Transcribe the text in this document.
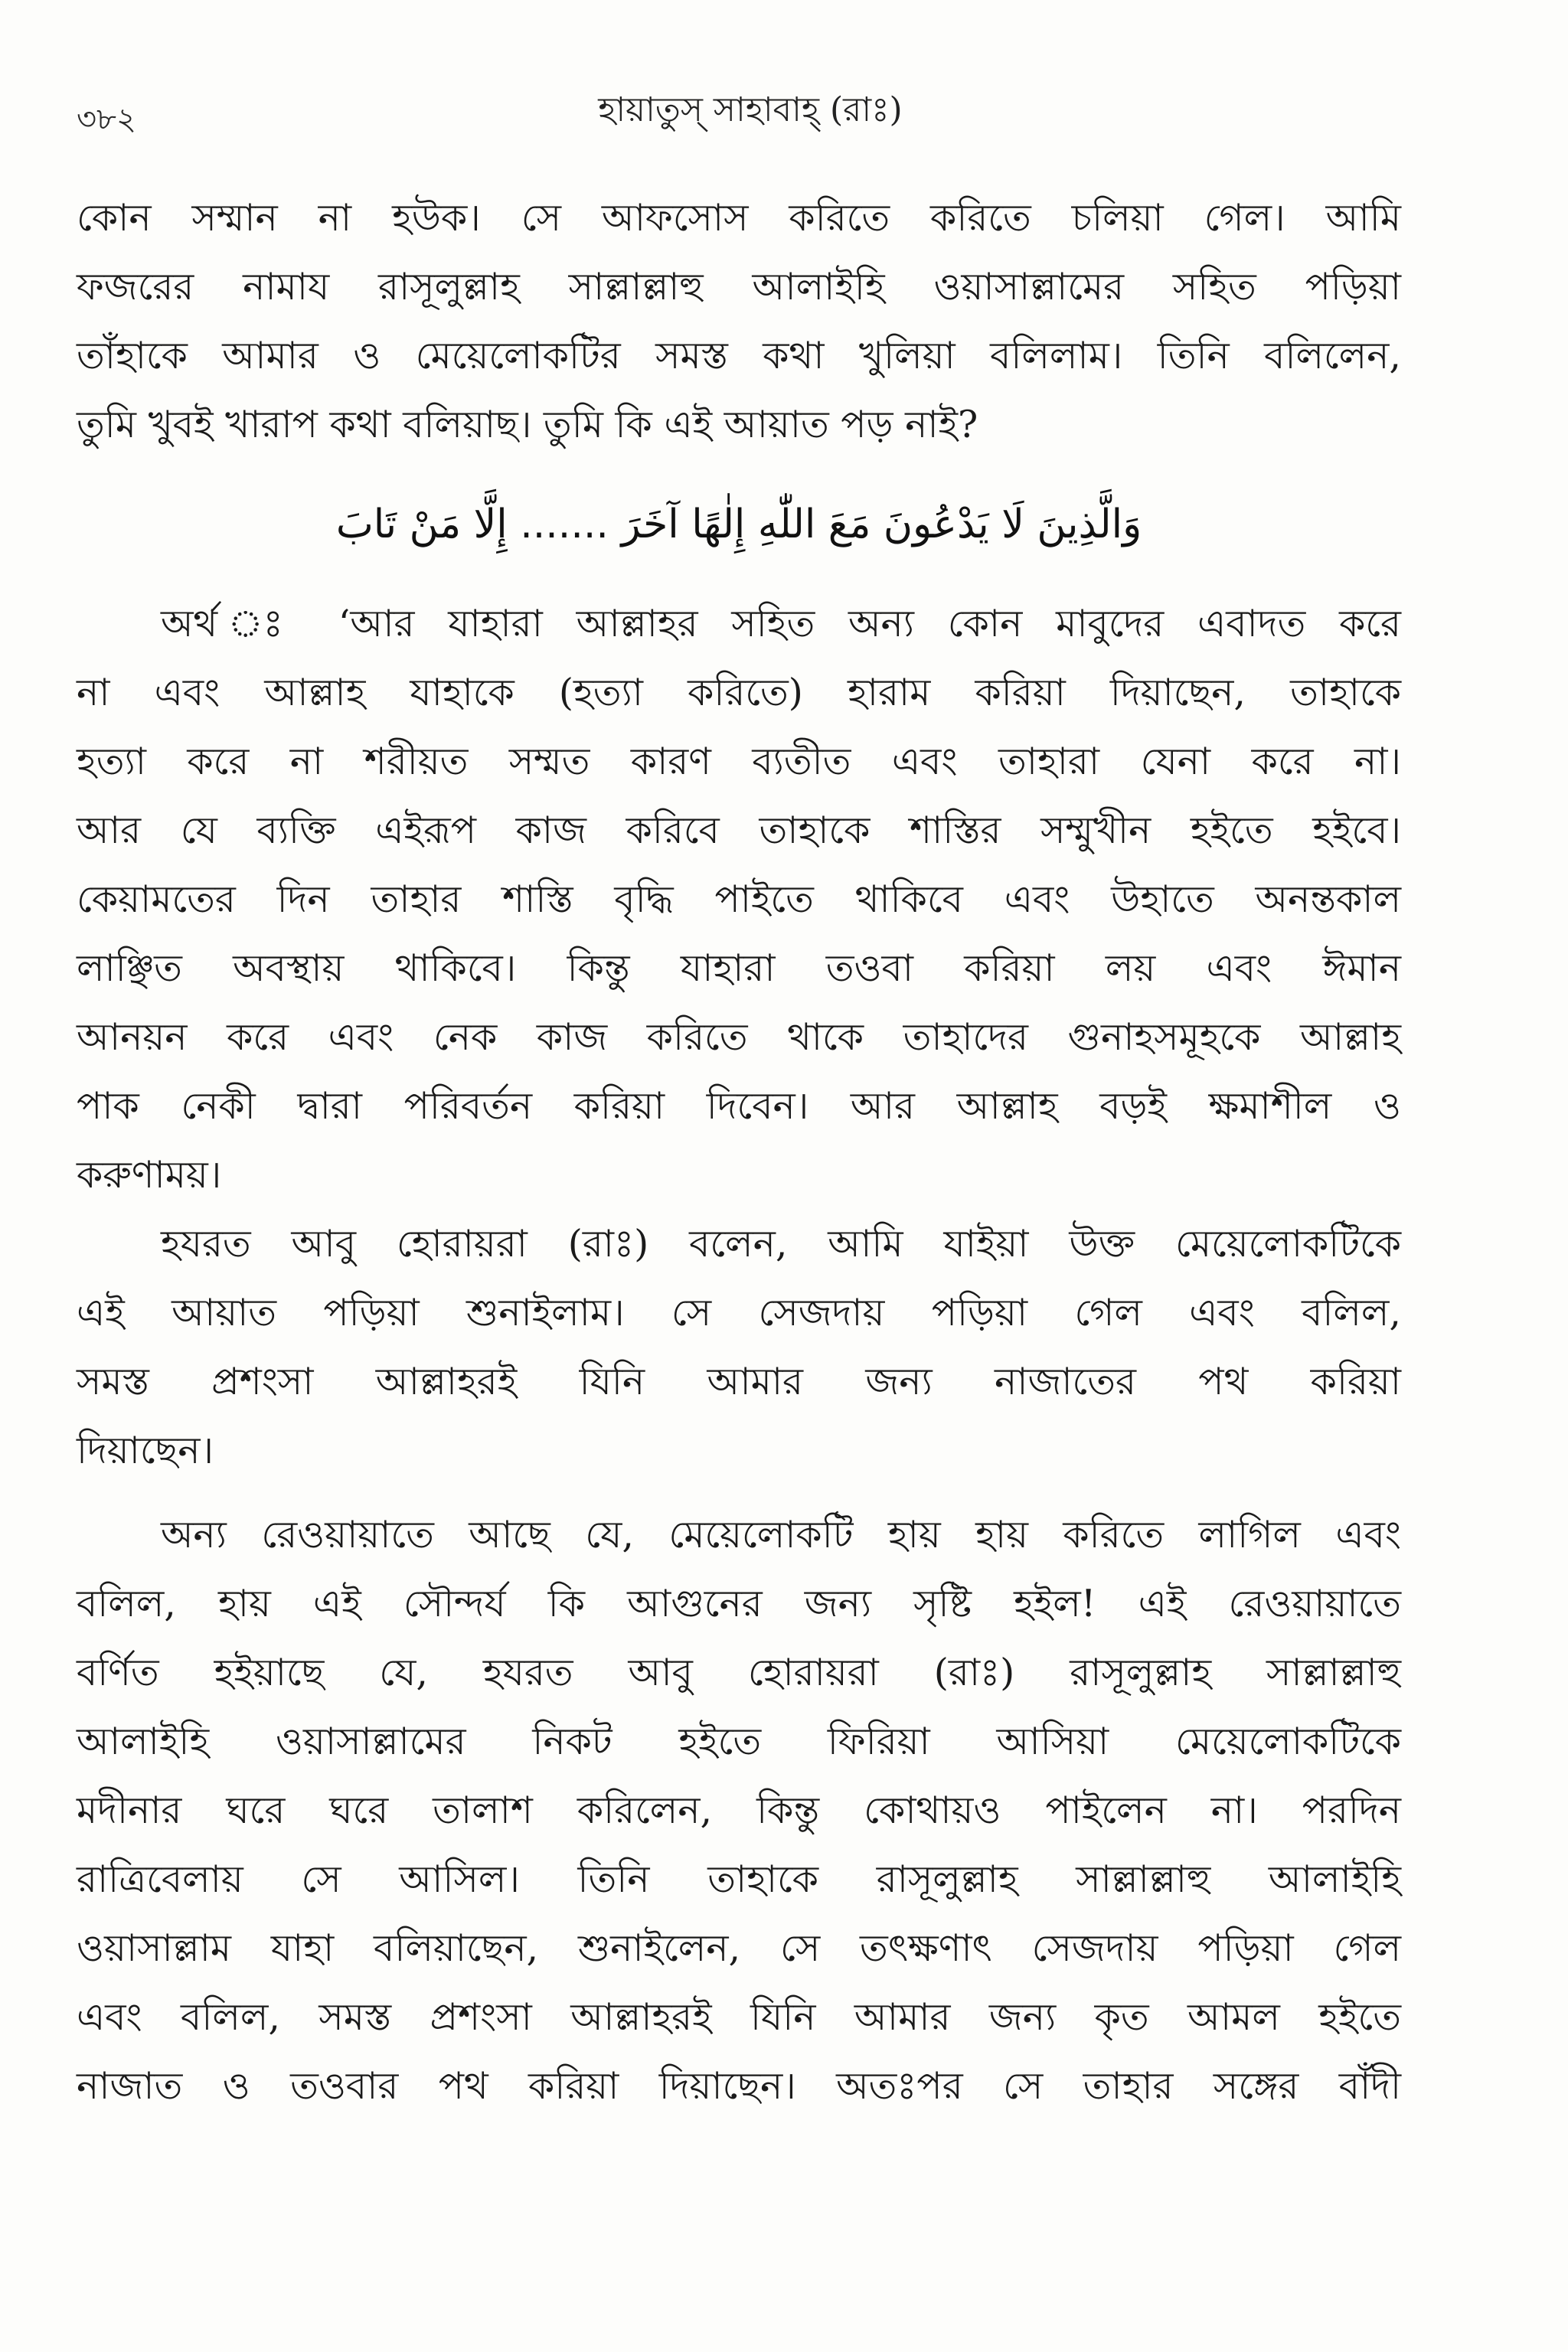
৩৮২	হায়াতুস্ সাহাবাহ্ (রাঃ)
কোন সম্মান না হউক। সে আফসোস করিতে করিতে চলিয়া গেল। আমি
ফজরের নামায রাসূলুল্লাহ সাল্লাল্লাহু আলাইহি ওয়াসাল্লামের সহিত পড়িয়া
তাঁহাকে আমার ও মেয়েলোকটির সমস্ত কথা খুলিয়া বলিলাম। তিনি বলিলেন,
তুমি খুবই খারাপ কথা বলিয়াছ। তুমি কি এই আয়াত পড় নাই?
وَالَّذِينَ لَا يَدْعُونَ مَعَ اللّٰهِ إِلٰهًا آخَرَ ....... إِلَّا مَنْ تَابَ
অর্থ ঃ ‘আর যাহারা আল্লাহর সহিত অন্য কোন মাবুদের এবাদত করে
না এবং আল্লাহ যাহাকে (হত্যা করিতে) হারাম করিয়া দিয়াছেন, তাহাকে
হত্যা করে না শরীয়ত সম্মত কারণ ব্যতীত এবং তাহারা যেনা করে না।
আর যে ব্যক্তি এইরূপ কাজ করিবে তাহাকে শাস্তির সম্মুখীন হইতে হইবে।
কেয়ামতের দিন তাহার শাস্তি বৃদ্ধি পাইতে থাকিবে এবং উহাতে অনন্তকাল
লাঞ্ছিত অবস্থায় থাকিবে। কিন্তু যাহারা তওবা করিয়া লয় এবং ঈমান
আনয়ন করে এবং নেক কাজ করিতে থাকে তাহাদের গুনাহসমূহকে আল্লাহ
পাক নেকী দ্বারা পরিবর্তন করিয়া দিবেন। আর আল্লাহ বড়ই ক্ষমাশীল ও
করুণাময়।
হযরত আবু হোরায়রা (রাঃ) বলেন, আমি যাইয়া উক্ত মেয়েলোকটিকে
এই আয়াত পড়িয়া শুনাইলাম। সে সেজদায় পড়িয়া গেল এবং বলিল,
সমস্ত প্রশংসা আল্লাহরই যিনি আমার জন্য নাজাতের পথ করিয়া
দিয়াছেন।
অন্য রেওয়ায়াতে আছে যে, মেয়েলোকটি হায় হায় করিতে লাগিল এবং
বলিল, হায় এই সৌন্দর্য কি আগুনের জন্য সৃষ্টি হইল! এই রেওয়ায়াতে
বর্ণিত হইয়াছে যে, হযরত আবু হোরায়রা (রাঃ) রাসূলুল্লাহ সাল্লাল্লাহু
আলাইহি ওয়াসাল্লামের নিকট হইতে ফিরিয়া আসিয়া মেয়েলোকটিকে
মদীনার ঘরে ঘরে তালাশ করিলেন, কিন্তু কোথায়ও পাইলেন না। পরদিন
রাত্রিবেলায় সে আসিল। তিনি তাহাকে রাসূলুল্লাহ সাল্লাল্লাহু আলাইহি
ওয়াসাল্লাম যাহা বলিয়াছেন, শুনাইলেন, সে তৎক্ষণাৎ সেজদায় পড়িয়া গেল
এবং বলিল, সমস্ত প্রশংসা আল্লাহরই যিনি আমার জন্য কৃত আমল হইতে
নাজাত ও তওবার পথ করিয়া দিয়াছেন। অতঃপর সে তাহার সঙ্গের বাঁদী
